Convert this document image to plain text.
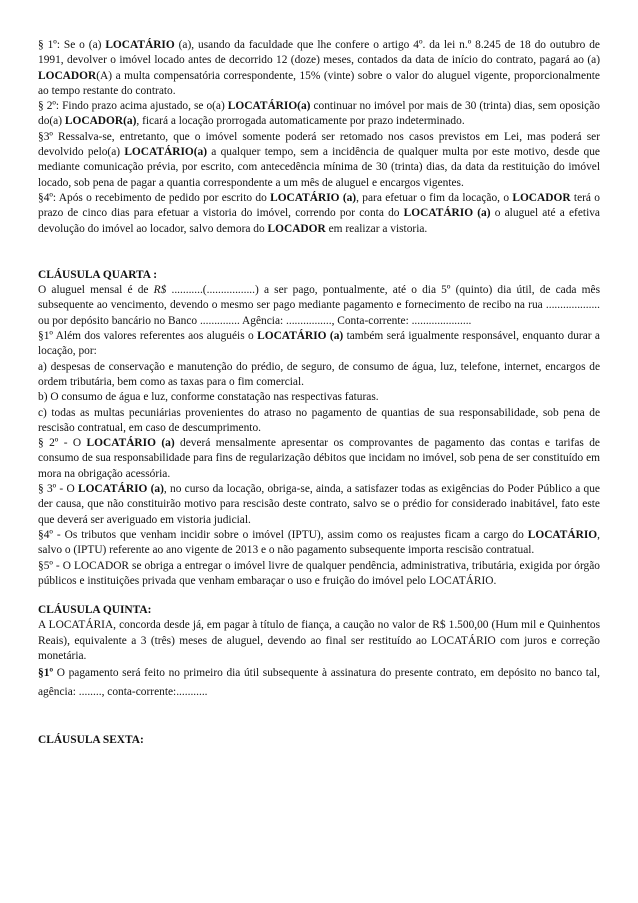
§ 1º: Se o (a) LOCATÁRIO (a), usando da faculdade que lhe confere o artigo 4º. da lei n.º 8.245 de 18 do outubro de 1991, devolver o imóvel locado antes de decorrido 12 (doze) meses, contados da data de início do contrato, pagará ao (a) LOCADOR(A) a multa compensatória correspondente, 15% (vinte) sobre o valor do aluguel vigente, proporcionalmente ao tempo restante do contrato.

§ 2º: Findo prazo acima ajustado, se o(a) LOCATÁRIO(a) continuar no imóvel por mais de 30 (trinta) dias, sem oposição do(a) LOCADOR(a), ficará a locação prorrogada automaticamente por prazo indeterminado.

§3º Ressalva-se, entretanto, que o imóvel somente poderá ser retomado nos casos previstos em Lei, mas poderá ser devolvido pelo(a) LOCATÁRIO(a) a qualquer tempo, sem a incidência de qualquer multa por este motivo, desde que mediante comunicação prévia, por escrito, com antecedência mínima de 30 (trinta) dias, da data da restituição do imóvel locado, sob pena de pagar a quantia correspondente a um mês de aluguel e encargos vigentes.

§4º: Após o recebimento de pedido por escrito do LOCATÁRIO (a), para efetuar o fim da locação, o LOCADOR terá o prazo de cinco dias para efetuar a vistoria do imóvel, correndo por conta do LOCATÁRIO (a) o aluguel até a efetiva devolução do imóvel ao locador, salvo demora do LOCADOR em realizar a vistoria.

CLÁUSULA QUARTA :

O aluguel mensal é de R$ ...........(.................) a ser pago, pontualmente, até o dia 5º (quinto) dia útil, de cada mês subsequente ao vencimento, devendo o mesmo ser pago mediante pagamento e fornecimento de recibo na rua ................... ou por depósito bancário no Banco .............. Agência: ................, Conta-corrente: .....................

§1º Além dos valores referentes aos aluguéis o LOCATÁRIO (a) também será igualmente responsável, enquanto durar a locação, por:

a) despesas de conservação e manutenção do prédio, de seguro, de consumo de água, luz, telefone, internet, encargos de ordem tributária, bem como as taxas para o fim comercial.

b) O consumo de água e luz, conforme constatação nas respectivas faturas.

c) todas as multas pecuniárias provenientes do atraso no pagamento de quantias de sua responsabilidade, sob pena de rescisão contratual, em caso de descumprimento.

§ 2º - O LOCATÁRIO (a) deverá mensalmente apresentar os comprovantes de pagamento das contas e tarifas de consumo de sua responsabilidade para fins de regularização débitos que incidam no imóvel, sob pena de ser constituído em mora na obrigação acessória.

§ 3º - O LOCATÁRIO (a), no curso da locação, obriga-se, ainda, a satisfazer todas as exigências do Poder Público a que der causa, que não constituirão motivo para rescisão deste contrato, salvo se o prédio for considerado inabitável, fato este que deverá ser averiguado em vistoria judicial.

§4º - Os tributos que venham incidir sobre o imóvel (IPTU), assim como os reajustes ficam a cargo do LOCATÁRIO, salvo o (IPTU) referente ao ano vigente de 2013 e o não pagamento subsequente importa rescisão contratual.

§5º - O LOCADOR se obriga a entregar o imóvel livre de qualquer pendência, administrativa, tributária, exigida por órgão públicos e instituições privada que venham embaraçar o uso e fruição do imóvel pelo LOCATÁRIO.

CLÁUSULA QUINTA:

A LOCATÁRIA, concorda desde já, em pagar à título de fiança, a caução no valor de R$ 1.500,00 (Hum mil e Quinhentos Reais), equivalente a 3 (três) meses de aluguel, devendo ao final ser restituído ao LOCATÁRIO com juros e correção monetária.

§1º O pagamento será feito no primeiro dia útil subsequente à assinatura do presente contrato, em depósito no banco tal, agência: ........, conta-corrente:...........

CLÁUSULA SEXTA:
